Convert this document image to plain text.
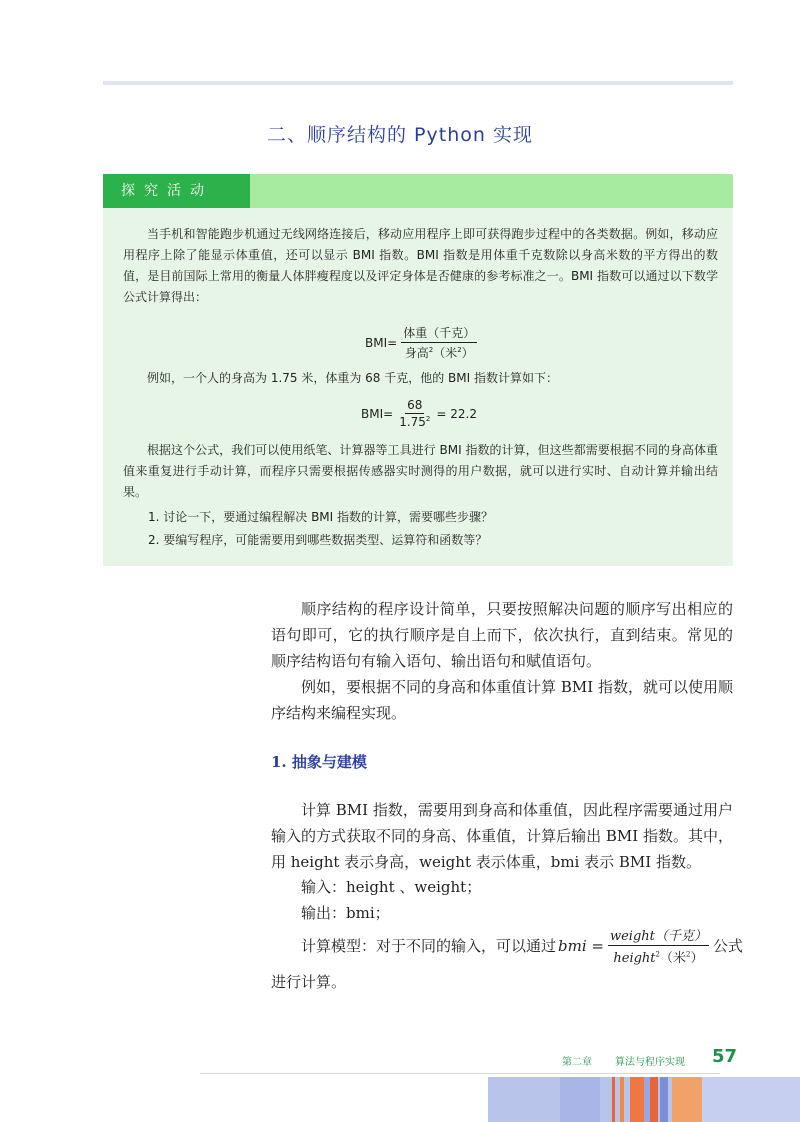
二、顺序结构的 Python 实现
探究活动

当手机和智能跑步机通过无线网络连接后，移动应用程序上即可获得跑步过程中的各类数据。例如，移动应用程序上除了能显示体重值，还可以显示 BMI 指数。BMI 指数是用体重千克数除以身高米数的平方得出的数值，是目前国际上常用的衡量人体胖瘦程度以及评定身体是否健康的参考标准之一。BMI 指数可以通过以下数学公式计算得出：

$BMI= \frac{\text{体重（千克）}}{身高^2(米^2)}$

例如，一个人的身高为 1.75 米，体重为 68 千克，他的 BMI 指数计算如下：

$BMI= \frac{68}{1.75^2} = 22.2$

根据这个公式，我们可以使用纸笔、计算器等工具进行 BMI 指数的计算，但这些都需要根据不同的身高体重值来重复进行手动计算，而程序只需要根据传感器实时测得的用户数据，就可以进行实时、自动计算并输出结果。

1. 讨论一下，要通过编程解决 BMI 指数的计算，需要哪些步骤？

2. 要编写程序，可能需要用到哪些数据类型、运算符和函数等？

顺序结构的程序设计简单，只要按照解决问题的顺序写出相应的语句即可，它的执行顺序是自上而下，依次执行，直到结束。常见的顺序结构语句有输入语句、输出语句和赋值语句。

例如，要根据不同的身高和体重值计算 BMI 指数，就可以使用顺序结构来编程实现。

1. 抽象与建模

计算 BMI 指数，需要用到身高和体重值，因此程序需要通过用户输入的方式获取不同的身高、体重值，计算后输出 BMI 指数。其中，用 height 表示身高，weight 表示体重，bmi 表示 BMI 指数。

输入：height 、weight；

输出：bmi；

计算模型：对于不同的输入，可以通过 bmi = $\frac{\text{weight（千克）}}{height^2(米^2)}$ 公式

进行计算。

第二章 算法与程序实现 57
